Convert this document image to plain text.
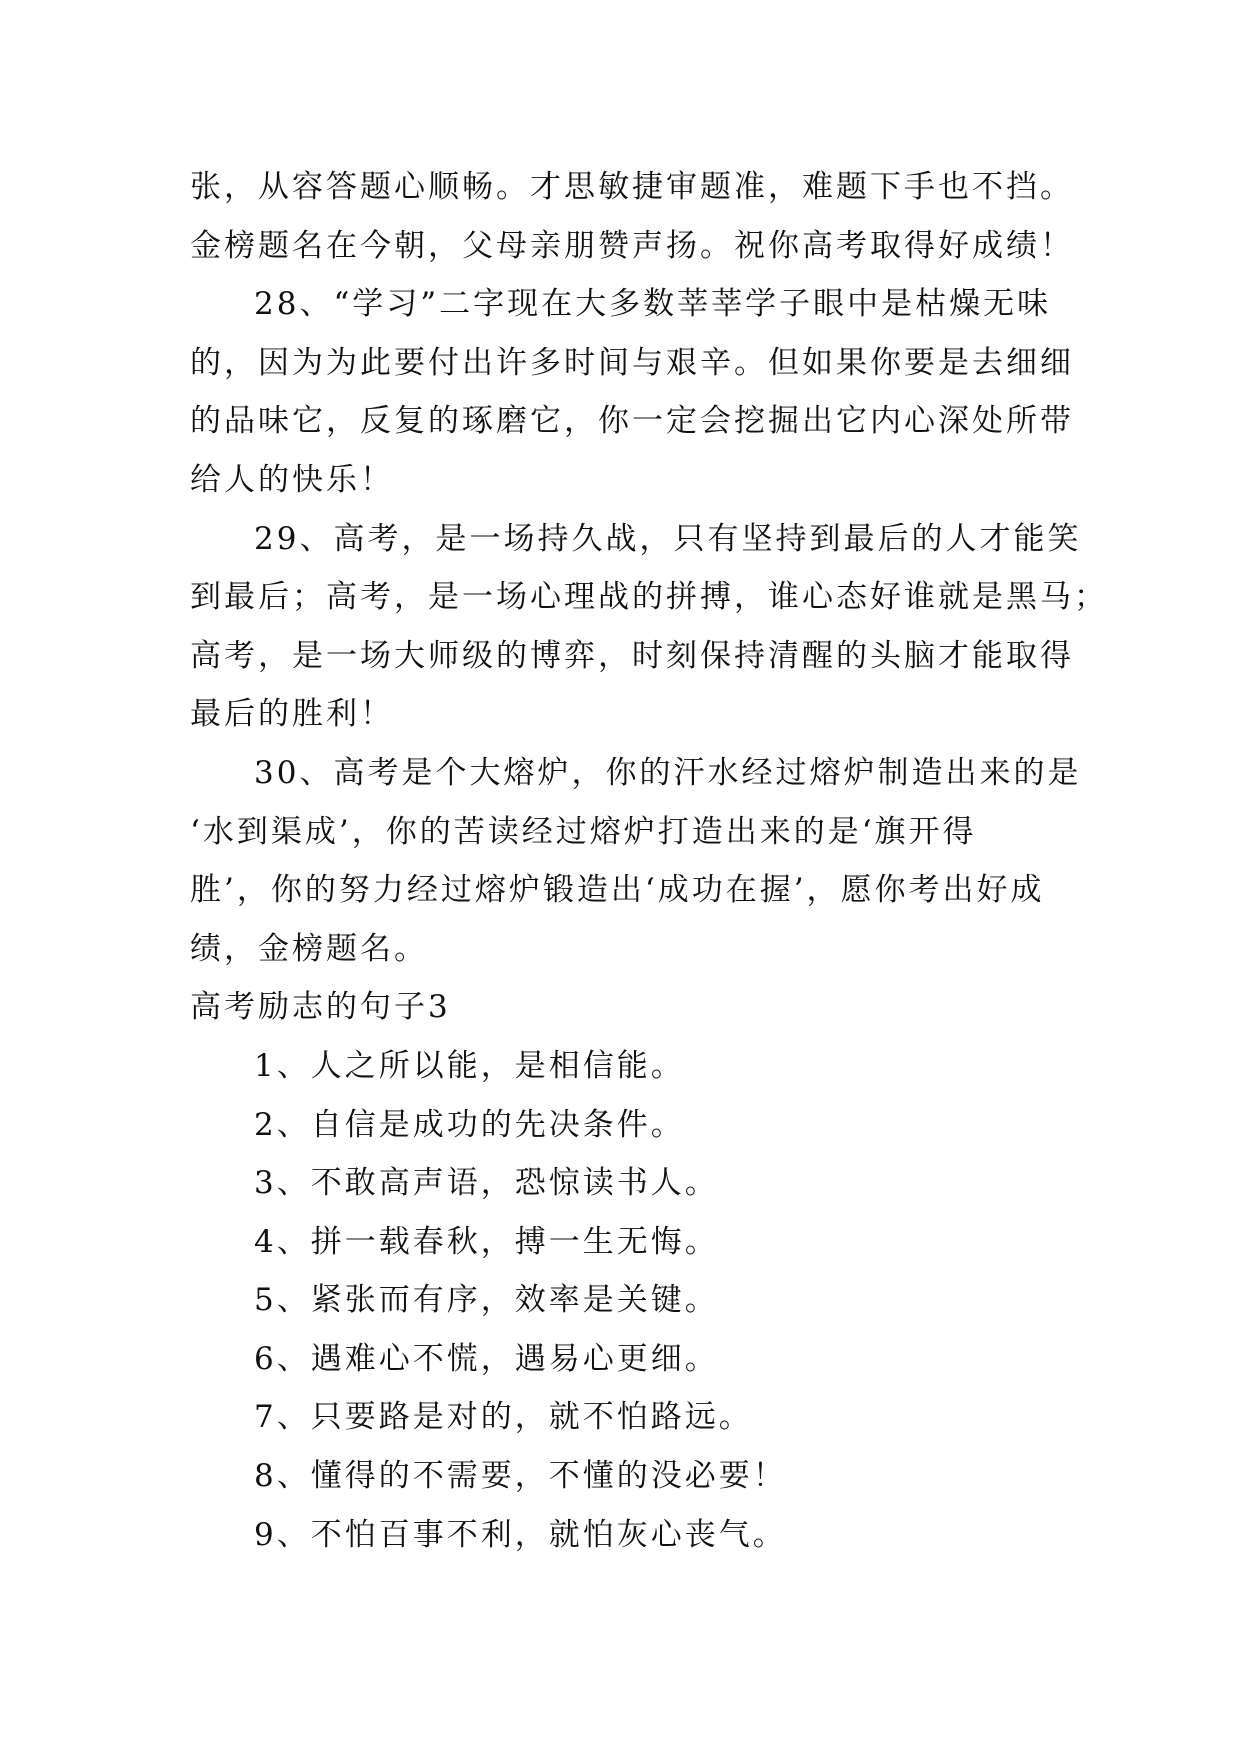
张，从容答题心顺畅。才思敏捷审题准，难题下手也不挡。
金榜题名在今朝，父母亲朋赞声扬。祝你高考取得好成绩！
28、“学习”二字现在大多数莘莘学子眼中是枯燥无味
的，因为为此要付出许多时间与艰辛。但如果你要是去细细
的品味它，反复的琢磨它，你一定会挖掘出它内心深处所带
给人的快乐！
29、高考，是一场持久战，只有坚持到最后的人才能笑
到最后；高考，是一场心理战的拼搏，谁心态好谁就是黑马；
高考，是一场大师级的博弈，时刻保持清醒的头脑才能取得
最后的胜利！
30、高考是个大熔炉，你的汗水经过熔炉制造出来的是
‘水到渠成’，你的苦读经过熔炉打造出来的是‘旗开得
胜’，你的努力经过熔炉锻造出‘成功在握’，愿你考出好成
绩，金榜题名。
高考励志的句子3
1、人之所以能，是相信能。
2、自信是成功的先决条件。
3、不敢高声语，恐惊读书人。
4、拼一载春秋，搏一生无悔。
5、紧张而有序，效率是关键。
6、遇难心不慌，遇易心更细。
7、只要路是对的，就不怕路远。
8、懂得的不需要，不懂的没必要！
9、不怕百事不利，就怕灰心丧气。
